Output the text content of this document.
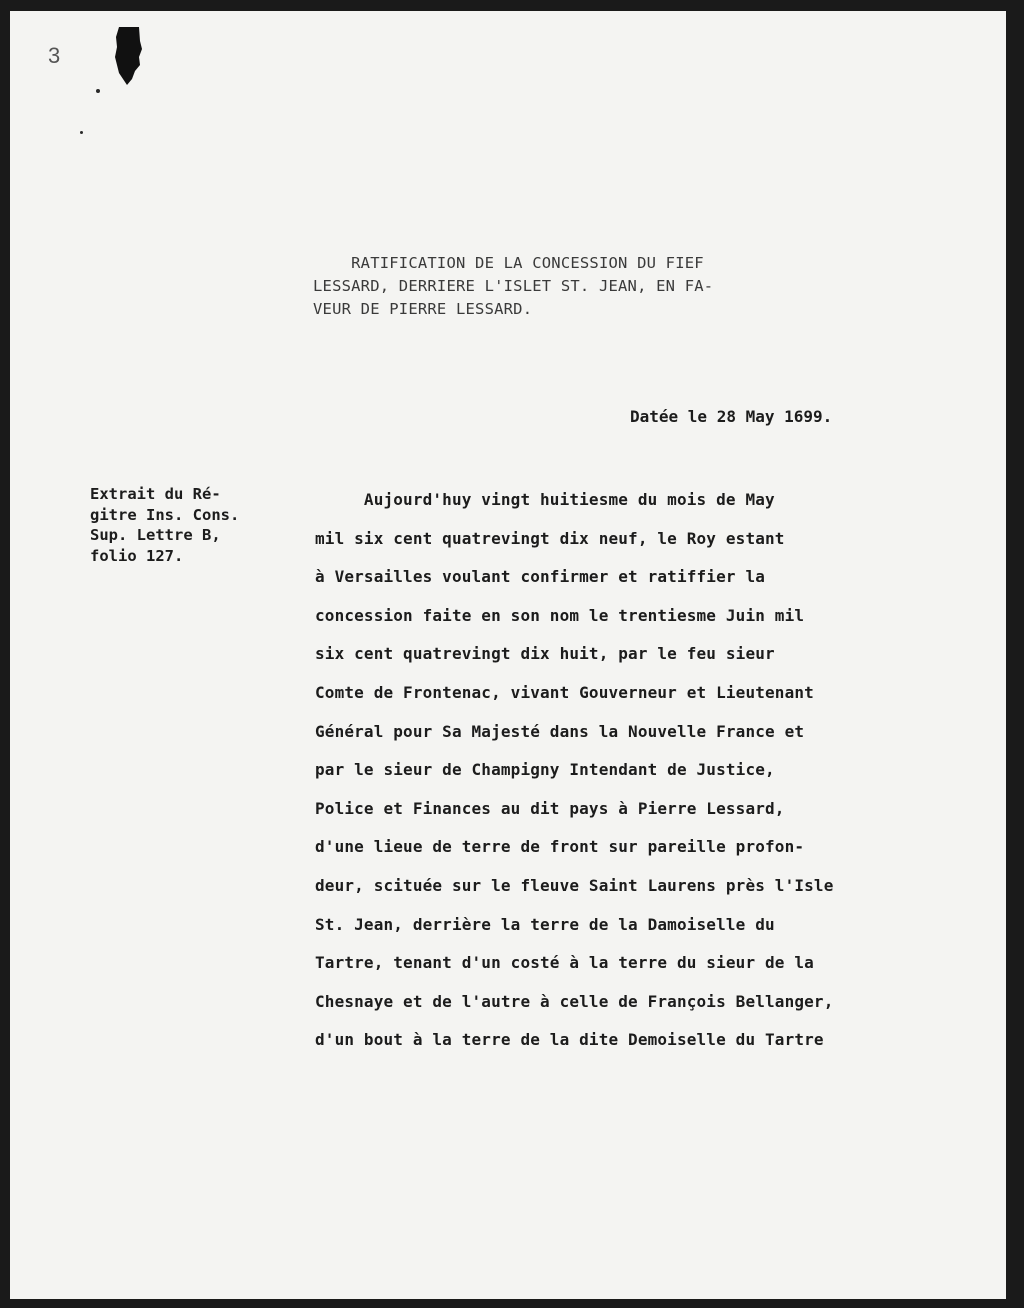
3
RATIFICATION DE LA CONCESSION DU FIEF
LESSARD, DERRIERE L'ISLET ST. JEAN, EN FA-
VEUR DE PIERRE LESSARD.
Datée le 28 May 1699.
Extrait du Ré-
gitre Ins. Cons.
Sup. Lettre B,
folio 127.
Aujourd'huy vingt huitiesme du mois de May
mil six cent quatrevingt dix neuf, le Roy estant
à Versailles voulant confirmer et ratiffier la
concession faite en son nom le trentiesme Juin mil
six cent quatrevingt dix huit, par le feu sieur
Comte de Frontenac, vivant Gouverneur et Lieutenant
Général pour Sa Majesté dans la Nouvelle France et
par le sieur de Champigny Intendant de Justice,
Police et Finances au dit pays à Pierre Lessard,
d'une lieue de terre de front sur pareille profon-
deur, scituée sur le fleuve Saint Laurens près l'Isle
St. Jean, derrière la terre de la Damoiselle du
Tartre, tenant d'un costé à la terre du sieur de la
Chesnaye et de l'autre à celle de François Bellanger,
d'un bout à la terre de la dite Demoiselle du Tartre
